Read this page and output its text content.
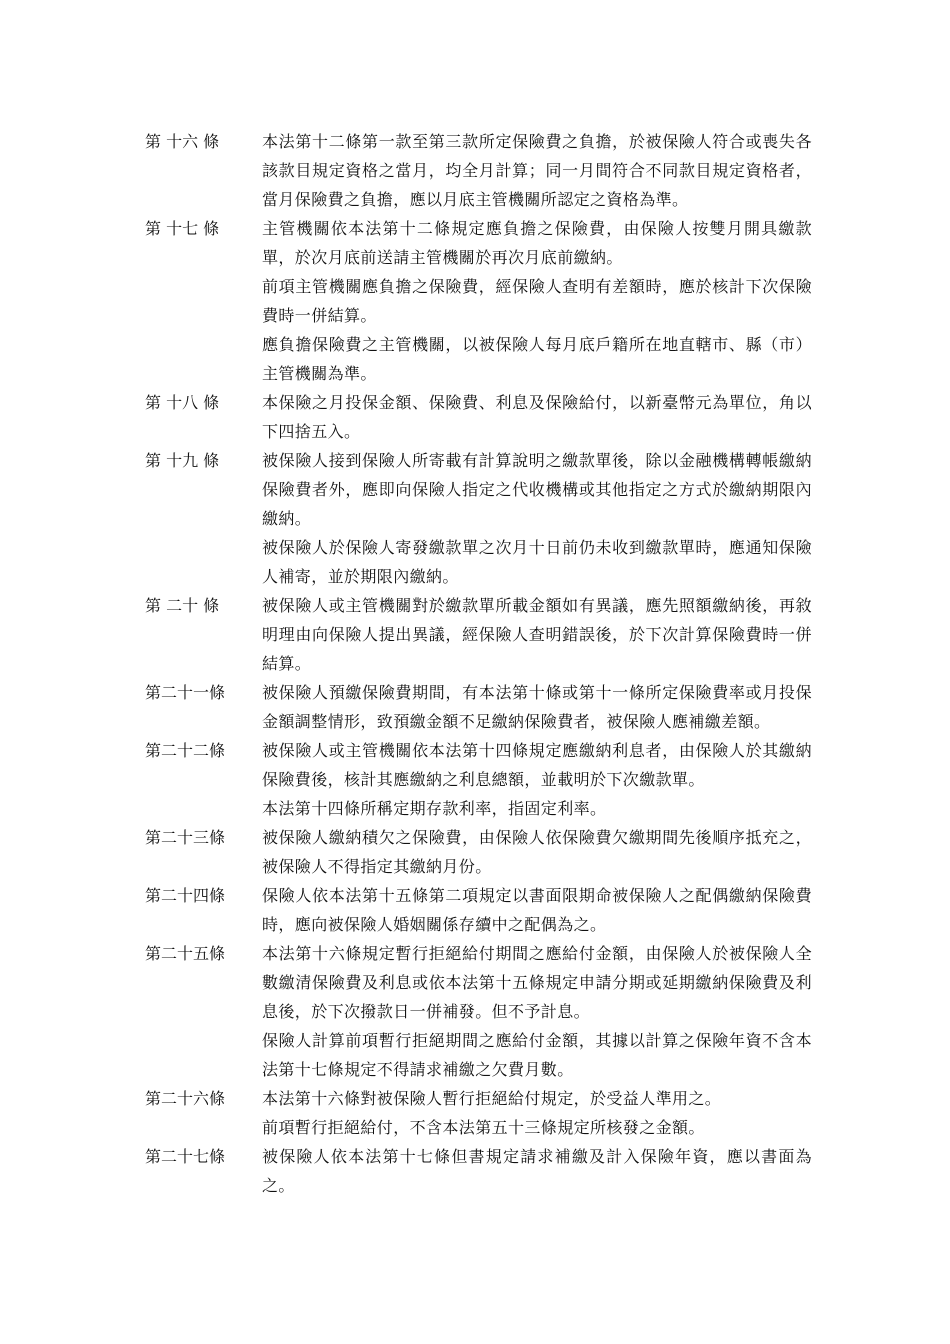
第 十六 條	本法第十二條第一款至第三款所定保險費之負擔，於被保險人符合或喪失各該款目規定資格之當月，均全月計算；同一月間符合不同款目規定資格者，當月保險費之負擔，應以月底主管機關所認定之資格為準。

第 十七 條	主管機關依本法第十二條規定應負擔之保險費，由保險人按雙月開具繳款單，於次月底前送請主管機關於再次月底前繳納。

前項主管機關應負擔之保險費，經保險人查明有差額時，應於核計下次保險費時一併結算。

應負擔保險費之主管機關，以被保險人每月底戶籍所在地直轄市、縣（市）主管機關為準。

第 十八 條	本保險之月投保金額、保險費、利息及保險給付，以新臺幣元為單位，角以下四捨五入。

第 十九 條	被保險人接到保險人所寄載有計算說明之繳款單後，除以金融機構轉帳繳納保險費者外，應即向保險人指定之代收機構或其他指定之方式於繳納期限內繳納。

被保險人於保險人寄發繳款單之次月十日前仍未收到繳款單時，應通知保險人補寄，並於期限內繳納。

第 二十 條	被保險人或主管機關對於繳款單所載金額如有異議，應先照額繳納後，再敘明理由向保險人提出異議，經保險人查明錯誤後，於下次計算保險費時一併結算。

第二十一條	被保險人預繳保險費期間，有本法第十條或第十一條所定保險費率或月投保金額調整情形，致預繳金額不足繳納保險費者，被保險人應補繳差額。

第二十二條	被保險人或主管機關依本法第十四條規定應繳納利息者，由保險人於其繳納保險費後，核計其應繳納之利息總額，並載明於下次繳款單。

本法第十四條所稱定期存款利率，指固定利率。

第二十三條	被保險人繳納積欠之保險費，由保險人依保險費欠繳期間先後順序抵充之，被保險人不得指定其繳納月份。

第二十四條	保險人依本法第十五條第二項規定以書面限期命被保險人之配偶繳納保險費時，應向被保險人婚姻關係存續中之配偶為之。

第二十五條	本法第十六條規定暫行拒絕給付期間之應給付金額，由保險人於被保險人全數繳清保險費及利息或依本法第十五條規定申請分期或延期繳納保險費及利息後，於下次撥款日一併補發。但不予計息。

保險人計算前項暫行拒絕期間之應給付金額，其據以計算之保險年資不含本法第十七條規定不得請求補繳之欠費月數。

第二十六條	本法第十六條對被保險人暫行拒絕給付規定，於受益人準用之。

前項暫行拒絕給付，不含本法第五十三條規定所核發之金額。

第二十七條	被保險人依本法第十七條但書規定請求補繳及計入保險年資，應以書面為之。
